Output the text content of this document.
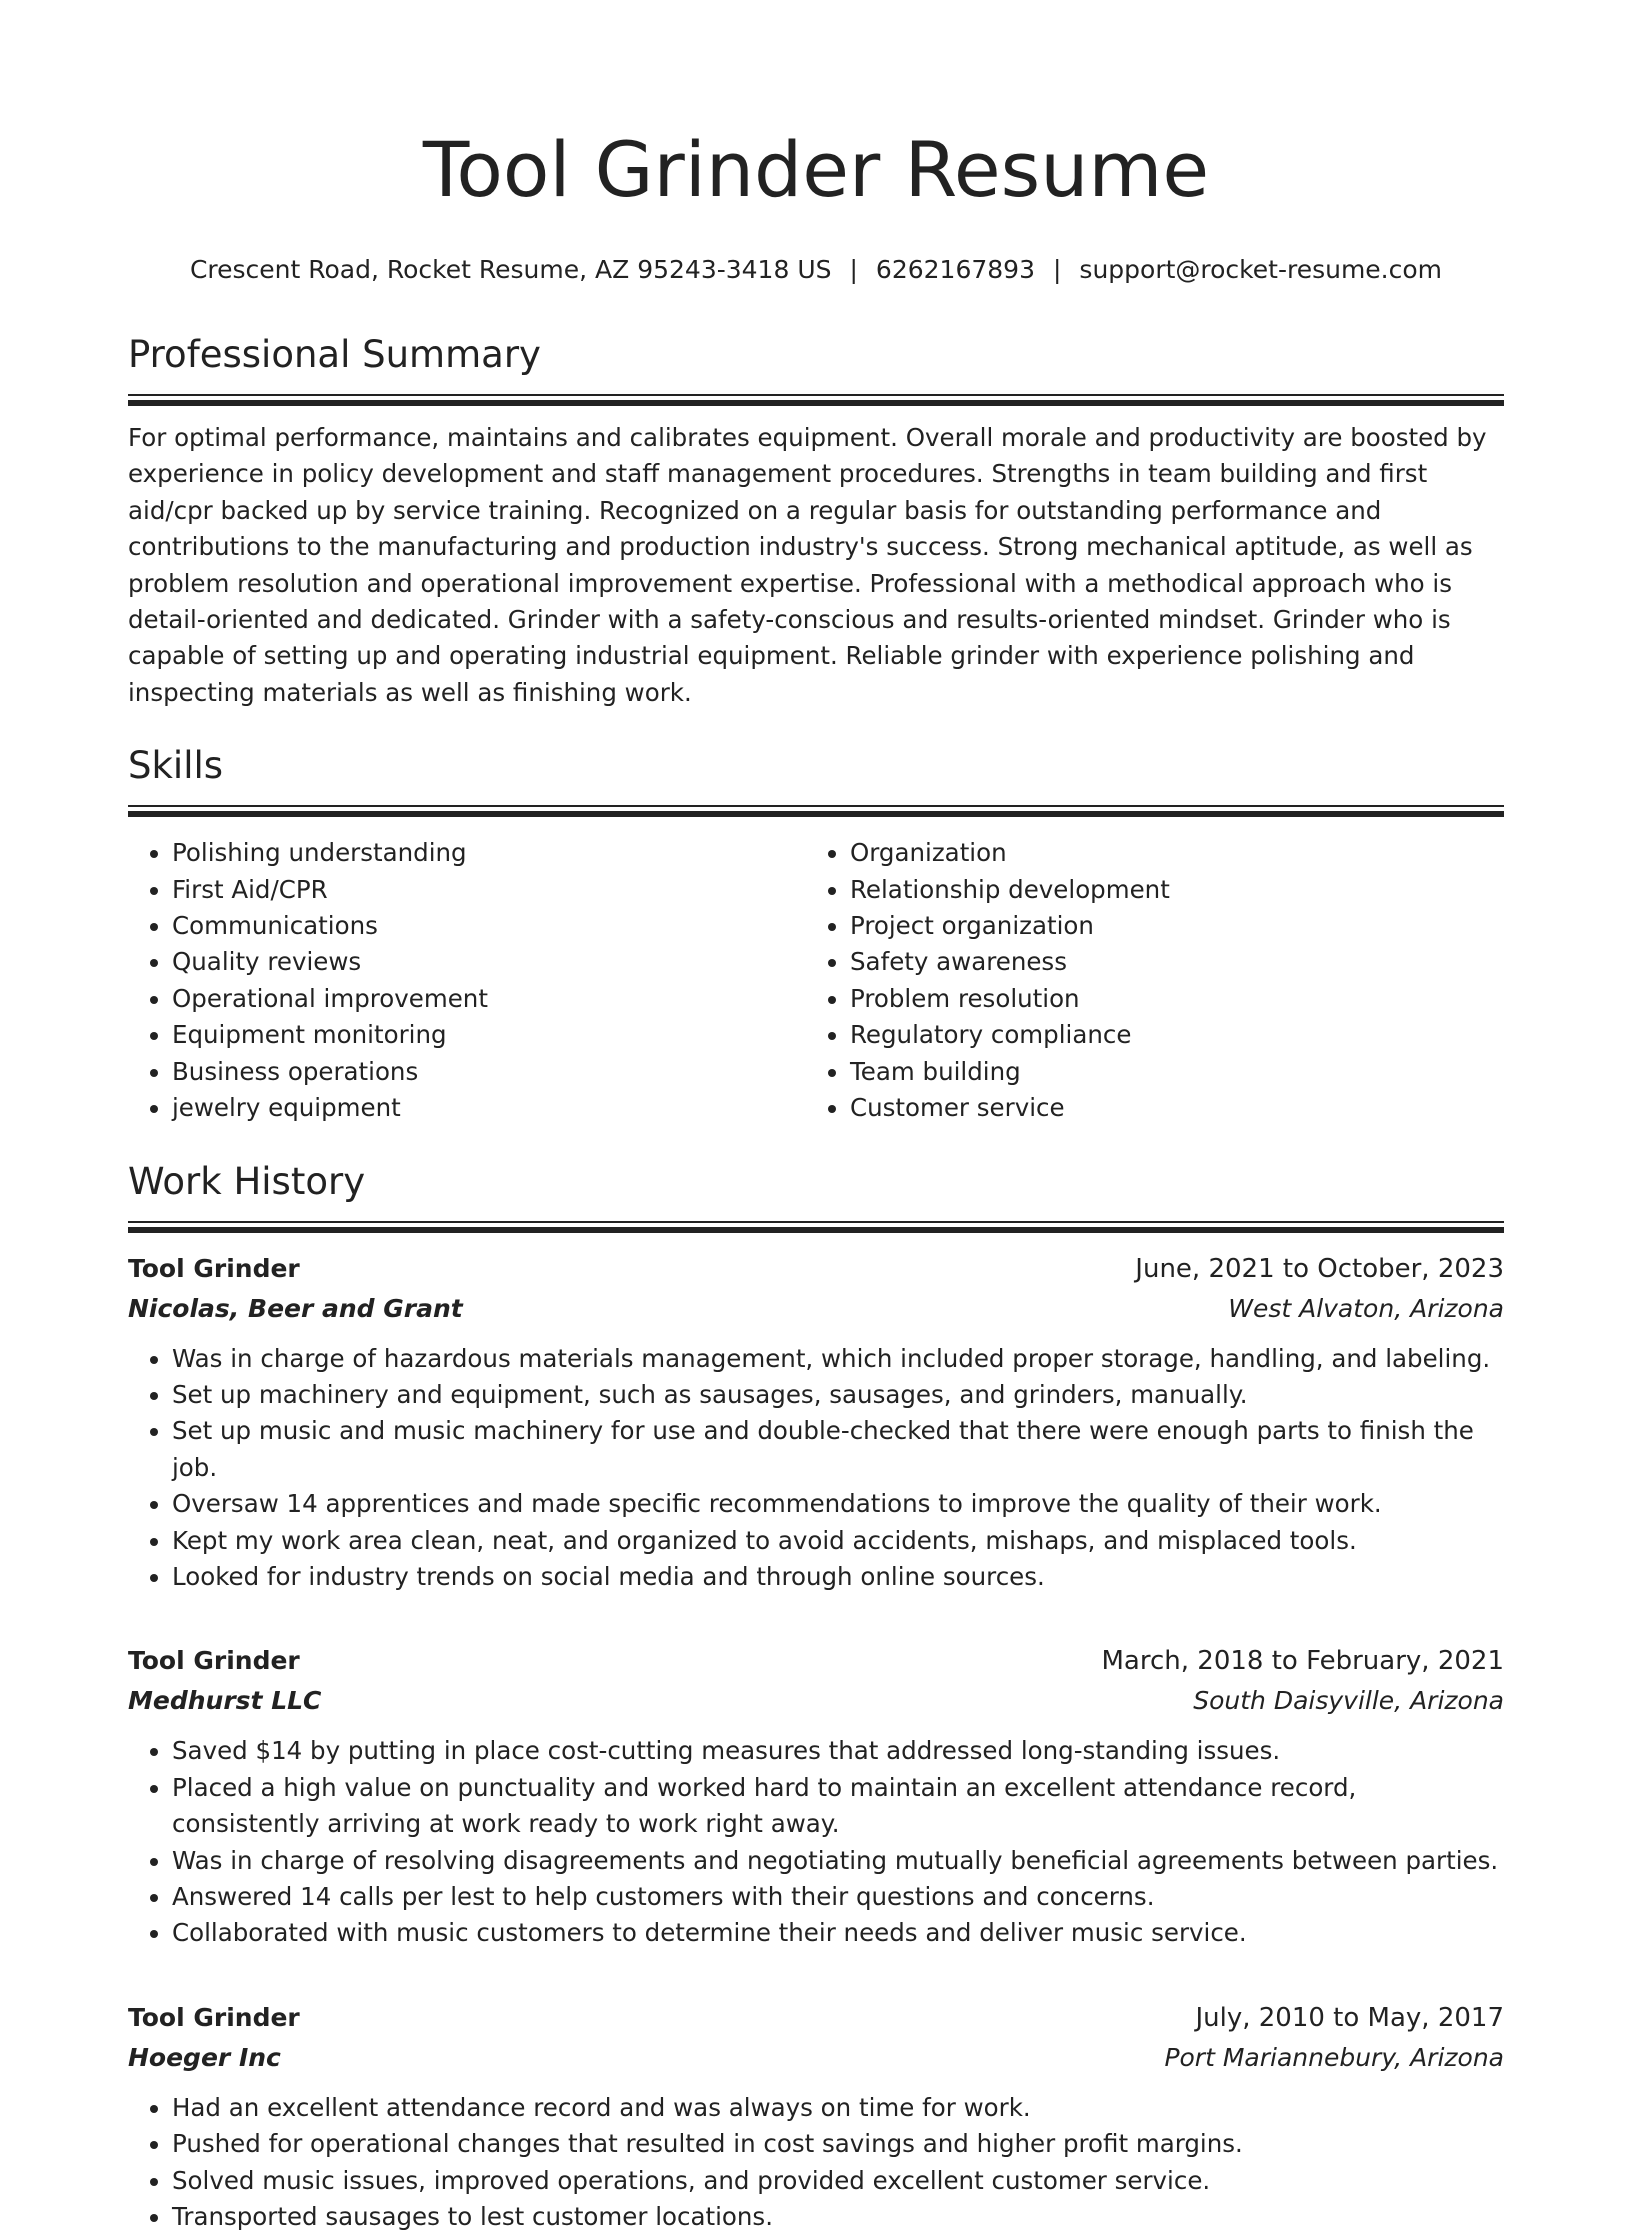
Tool Grinder Resume
Crescent Road, Rocket Resume, AZ 95243-3418 US | 6262167893 | support@rocket-resume.com
Professional Summary

For optimal performance, maintains and calibrates equipment. Overall morale and productivity are boosted by experience in policy development and staff management procedures. Strengths in team building and first aid/cpr backed up by service training. Recognized on a regular basis for outstanding performance and contributions to the manufacturing and production industry's success. Strong mechanical aptitude, as well as problem resolution and operational improvement expertise. Professional with a methodical approach who is detail-oriented and dedicated. Grinder with a safety-conscious and results-oriented mindset. Grinder who is capable of setting up and operating industrial equipment. Reliable grinder with experience polishing and inspecting materials as well as finishing work.

Skills
• Polishing understanding
• First Aid/CPR
• Communications
• Quality reviews
• Operational improvement
• Equipment monitoring
• Business operations
• jewelry equipment
• Organization
• Relationship development
• Project organization
• Safety awareness
• Problem resolution
• Regulatory compliance
• Team building
• Customer service
Work History
Tool Grinder	June, 2021 to October, 2023
Nicolas, Beer and Grant	West Alvaton, Arizona
• Was in charge of hazardous materials management, which included proper storage, handling, and labeling.
• Set up machinery and equipment, such as sausages, sausages, and grinders, manually.
• Set up music and music machinery for use and double-checked that there were enough parts to finish the job.
• Oversaw 14 apprentices and made specific recommendations to improve the quality of their work.
• Kept my work area clean, neat, and organized to avoid accidents, mishaps, and misplaced tools.
• Looked for industry trends on social media and through online sources.
Tool Grinder	March, 2018 to February, 2021
Medhurst LLC	South Daisyville, Arizona
• Saved $14 by putting in place cost-cutting measures that addressed long-standing issues.
• Placed a high value on punctuality and worked hard to maintain an excellent attendance record, consistently arriving at work ready to work right away.
• Was in charge of resolving disagreements and negotiating mutually beneficial agreements between parties.
• Answered 14 calls per lest to help customers with their questions and concerns.
• Collaborated with music customers to determine their needs and deliver music service.
Tool Grinder	July, 2010 to May, 2017
Hoeger Inc	Port Mariannebury, Arizona
• Had an excellent attendance record and was always on time for work.
• Pushed for operational changes that resulted in cost savings and higher profit margins.
• Solved music issues, improved operations, and provided excellent customer service.
• Transported sausages to lest customer locations.
